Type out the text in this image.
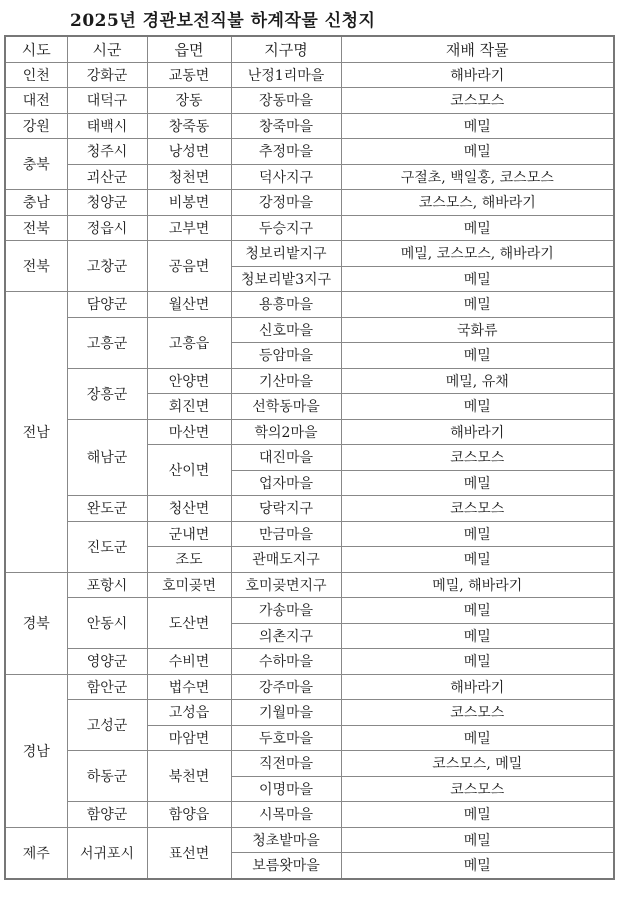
2025년 경관보전직불 하계작물 신청지
시도	시군	읍면	지구명	재배 작물
인천	강화군	교동면	난정1리마을	해바라기
대전	대덕구	장동	장동마을	코스모스
강원	태백시	창죽동	창죽마을	메밀
충북	청주시	낭성면	추정마을	메밀
	괴산군	청천면	덕사지구	구절초, 백일홍, 코스모스
충남	청양군	비봉면	강정마을	코스모스, 해바라기
전북	정읍시	고부면	두승지구	메밀
전북	고창군	공음면	청보리밭지구	메밀, 코스모스, 해바라기
			청보리밭3지구	메밀
전남	담양군	월산면	용흥마을	메밀
	고흥군	고흥읍	신호마을	국화류
			등암마을	메밀
	장흥군	안양면	기산마을	메밀, 유채
		회진면	선학동마을	메밀
	해남군	마산면	학의2마을	해바라기
		산이면	대진마을	코스모스
			업자마을	메밀
	완도군	청산면	당락지구	코스모스
	진도군	군내면	만금마을	메밀
		조도	관매도지구	메밀
경북	포항시	호미곶면	호미곶면지구	메밀, 해바라기
	안동시	도산면	가송마을	메밀
			의촌지구	메밀
	영양군	수비면	수하마을	메밀
경남	함안군	법수면	강주마을	해바라기
	고성군	고성읍	기월마을	코스모스
		마암면	두호마을	메밀
	하동군	북천면	직전마을	코스모스, 메밀
			이명마을	코스모스
	함양군	함양읍	시목마을	메밀
제주	서귀포시	표선면	청초밭마을	메밀
			보름왓마을	메밀
